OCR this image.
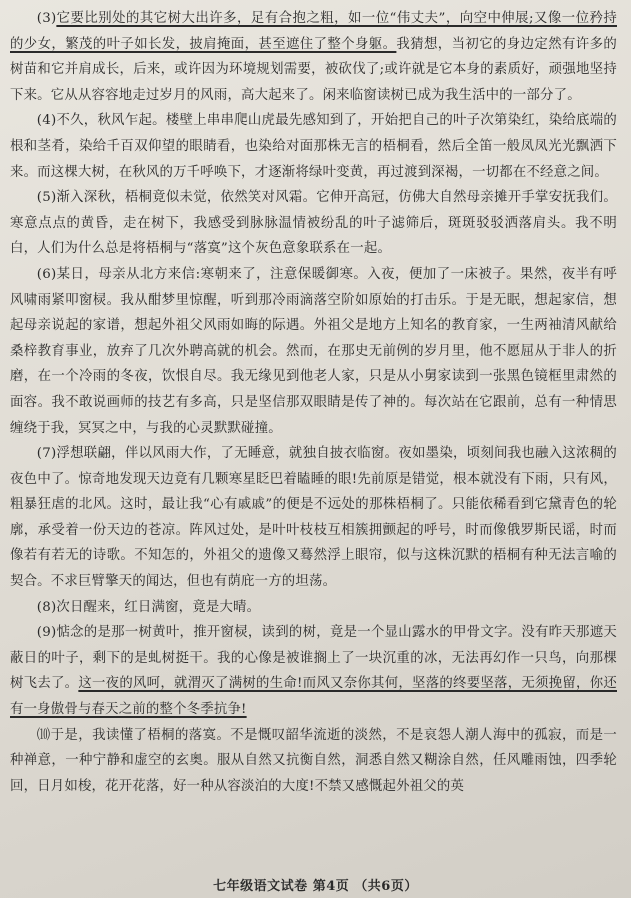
(3)它要比别处的其它树大出许多，足有合抱之粗，如一位“伟丈夫”，向空中伸展;又像一位矜持的少女，繁茂的叶子如长发，披肩掩面，甚至遮住了整个身躯。我猜想，当初它的身边定然有许多的树苗和它并肩成长，后来，或许因为环境规划需要，被砍伐了;或许就是它本身的素质好，顽强地坚持下来。它从从容容地走过岁月的风雨，高大起来了。闲来临窗读树已成为我生活中的一部分了。

(4)不久，秋风乍起。楼壁上串串爬山虎最先感知到了，开始把自己的叶子次第染红，染给底端的根和茎肴，染给千百双仰望的眼睛看，也染给对面那株无言的梧桐看，然后全笛一般凤凤光光飘洒下来。而这棵大树，在秋风的万千呼唤下，才逐渐将绿叶变黄，再过渡到深褐，一切都在不经意之间。

(5)渐入深秋，梧桐竟似未觉，依然笑对风霜。它伸开高冠，仿佛大自然母亲摊开手掌安抚我们。寒意点点的黄昏，走在树下，我感受到脉脉温情被纷乱的叶子滤筛后，斑斑驳驳洒落肩头。我不明白，人们为什么总是将梧桐与“落寞”这个灰色意象联系在一起。

(6)某日，母亲从北方来信:寒朝来了，注意保暖御寒。入夜，便加了一床被子。果然，夜半有呼风啸雨紧叩窗棂。我从酣梦里惊醒，听到那冷雨滴落空阶如原始的打击乐。于是无眠，想起家信，想起母亲说起的家谱，想起外祖父风雨如晦的际遇。外祖父是地方上知名的教育家，一生两袖清风献给桑梓教育事业，放弃了几次外聘高就的机会。然而，在那史无前例的岁月里，他不愿屈从于非人的折磨，在一个冷雨的冬夜，饮恨自尽。我无缘见到他老人家，只是从小舅家读到一张黑色镜框里肃然的面容。我不敢说画师的技艺有多高，只是坚信那双眼睛是传了神的。每次站在它跟前，总有一种情思缠绕于我，冥冥之中，与我的心灵默默碰撞。

(7)浮想联翩，伴以风雨大作，了无睡意，就独自披衣临窗。夜如墨染，顷刻间我也融入这浓稠的夜色中了。惊奇地发现天边竟有几颗寒星眨巴着瞌睡的眼!先前原是错觉，根本就没有下雨，只有风，粗暴狂虐的北风。这时，最让我“心有戚戚”的便是不远处的那株梧桐了。只能依稀看到它黛青色的轮廓，承受着一份天边的苍凉。阵风过处，是叶叶枝枝互相簇拥颤起的呼号，时而像俄罗斯民谣，时而像若有若无的诗歌。不知怎的，外祖父的遗像又蓦然浮上眼帘，似与这株沉默的梧桐有种无法言喻的契合。不求巨臂擎天的闻达，但也有荫庇一方的坦荡。

(8)次日醒来，红日满窗，竟是大晴。

(9)惦念的是那一树黄叶，推开窗棂，读到的树，竟是一个显山露水的甲骨文字。没有昨天那遮天蔽日的叶子，剩下的是虬树挺干。我的心像是被谁搁上了一块沉重的冰，无法再幻作一只鸟，向那棵树飞去了。这一夜的风呵，就渭灭了满树的生命!而风又奈你其何，坚落的终要坚落，无须挽留，你还有一身傲骨与春天之前的整个冬季抗争!

⑽于是，我读懂了梧桐的落寞。不是慨叹韶华流逝的淡然，不是哀怨人潮人海中的孤寂，而是一种禅意，一种宁静和虚空的玄奥。服从自然又抗衡自然，洞悉自然又糊涂自然，任风雕雨蚀，四季轮回，日月如梭，花开花落，好一种从容淡泊的大度!不禁又感慨起外祖父的英

七年级语文试卷 第4页 （共6页）
